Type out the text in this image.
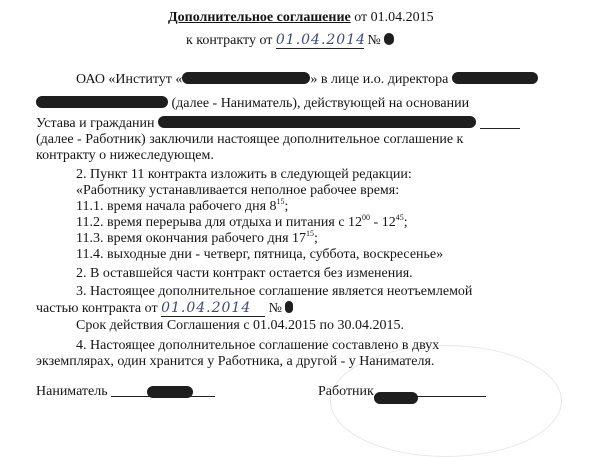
Дополнительное соглашение от 01.04.2015
к контракту от 01.04.2014 №
ОАО «Институт «	» в лице и.о. директора
(далее - Наниматель), действующей на основании
Устава и гражданин
(далее - Работник) заключили настоящее дополнительное соглашение к
контракту о нижеследующем.
2. Пункт 11 контракта изложить в следующей редакции:
«Работнику устанавливается неполное рабочее время:
11.1. время начала рабочего дня $8^{15}$;
11.2. время перерыва для отдыха и питания с $12^{00} - 12^{45}$;
11.3. время окончания рабочего дня $17^{15}$;
11.4. выходные дни - четверг, пятница, суббота, воскресенье»
2. В оставшейся части контракт остается без изменения.
3. Настоящее дополнительное соглашение является неотъемлемой
частью контракта от 01.04.2014 №
Срок действия Соглашения с 01.04.2015 по 30.04.2015.
4. Настоящее дополнительное соглашение составлено в двух
экземплярах, один хранится у Работника, а другой - у Нанимателя.
Наниматель	Работник
